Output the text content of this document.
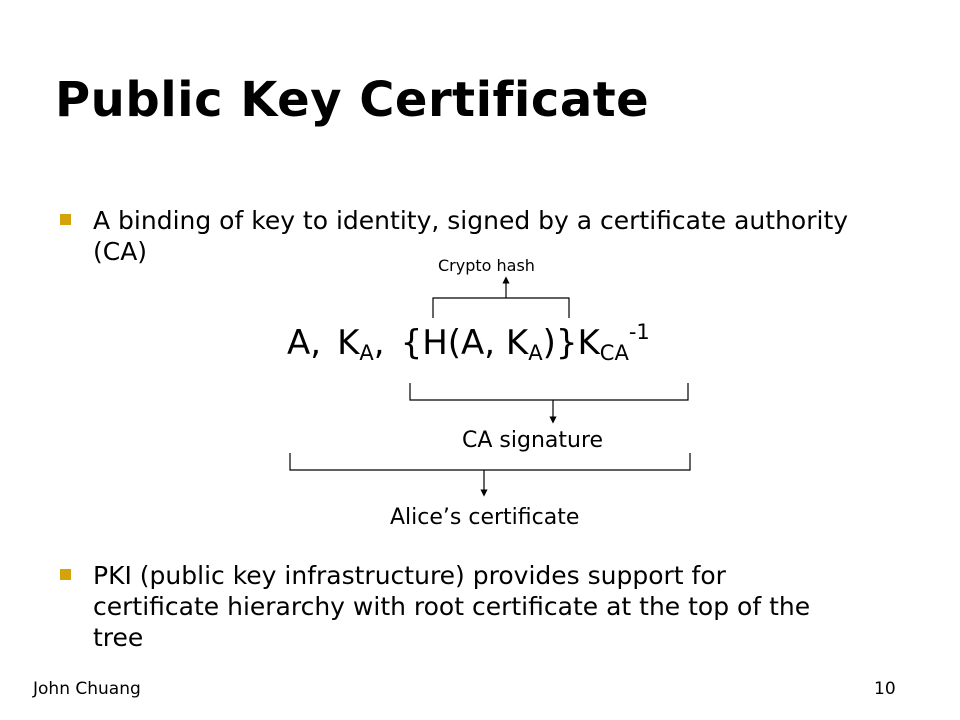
Public Key Certificate
A binding of key to identity, signed by a certificate authority (CA)
A, $K_A$, {H(A, $K_A)\}K_{CA}^{-1}$
Crypto hash
CA signature
Alice’s certificate
PKI (public key infrastructure) provides support for certificate hierarchy with root certificate at the top of the tree
John Chuang	10
